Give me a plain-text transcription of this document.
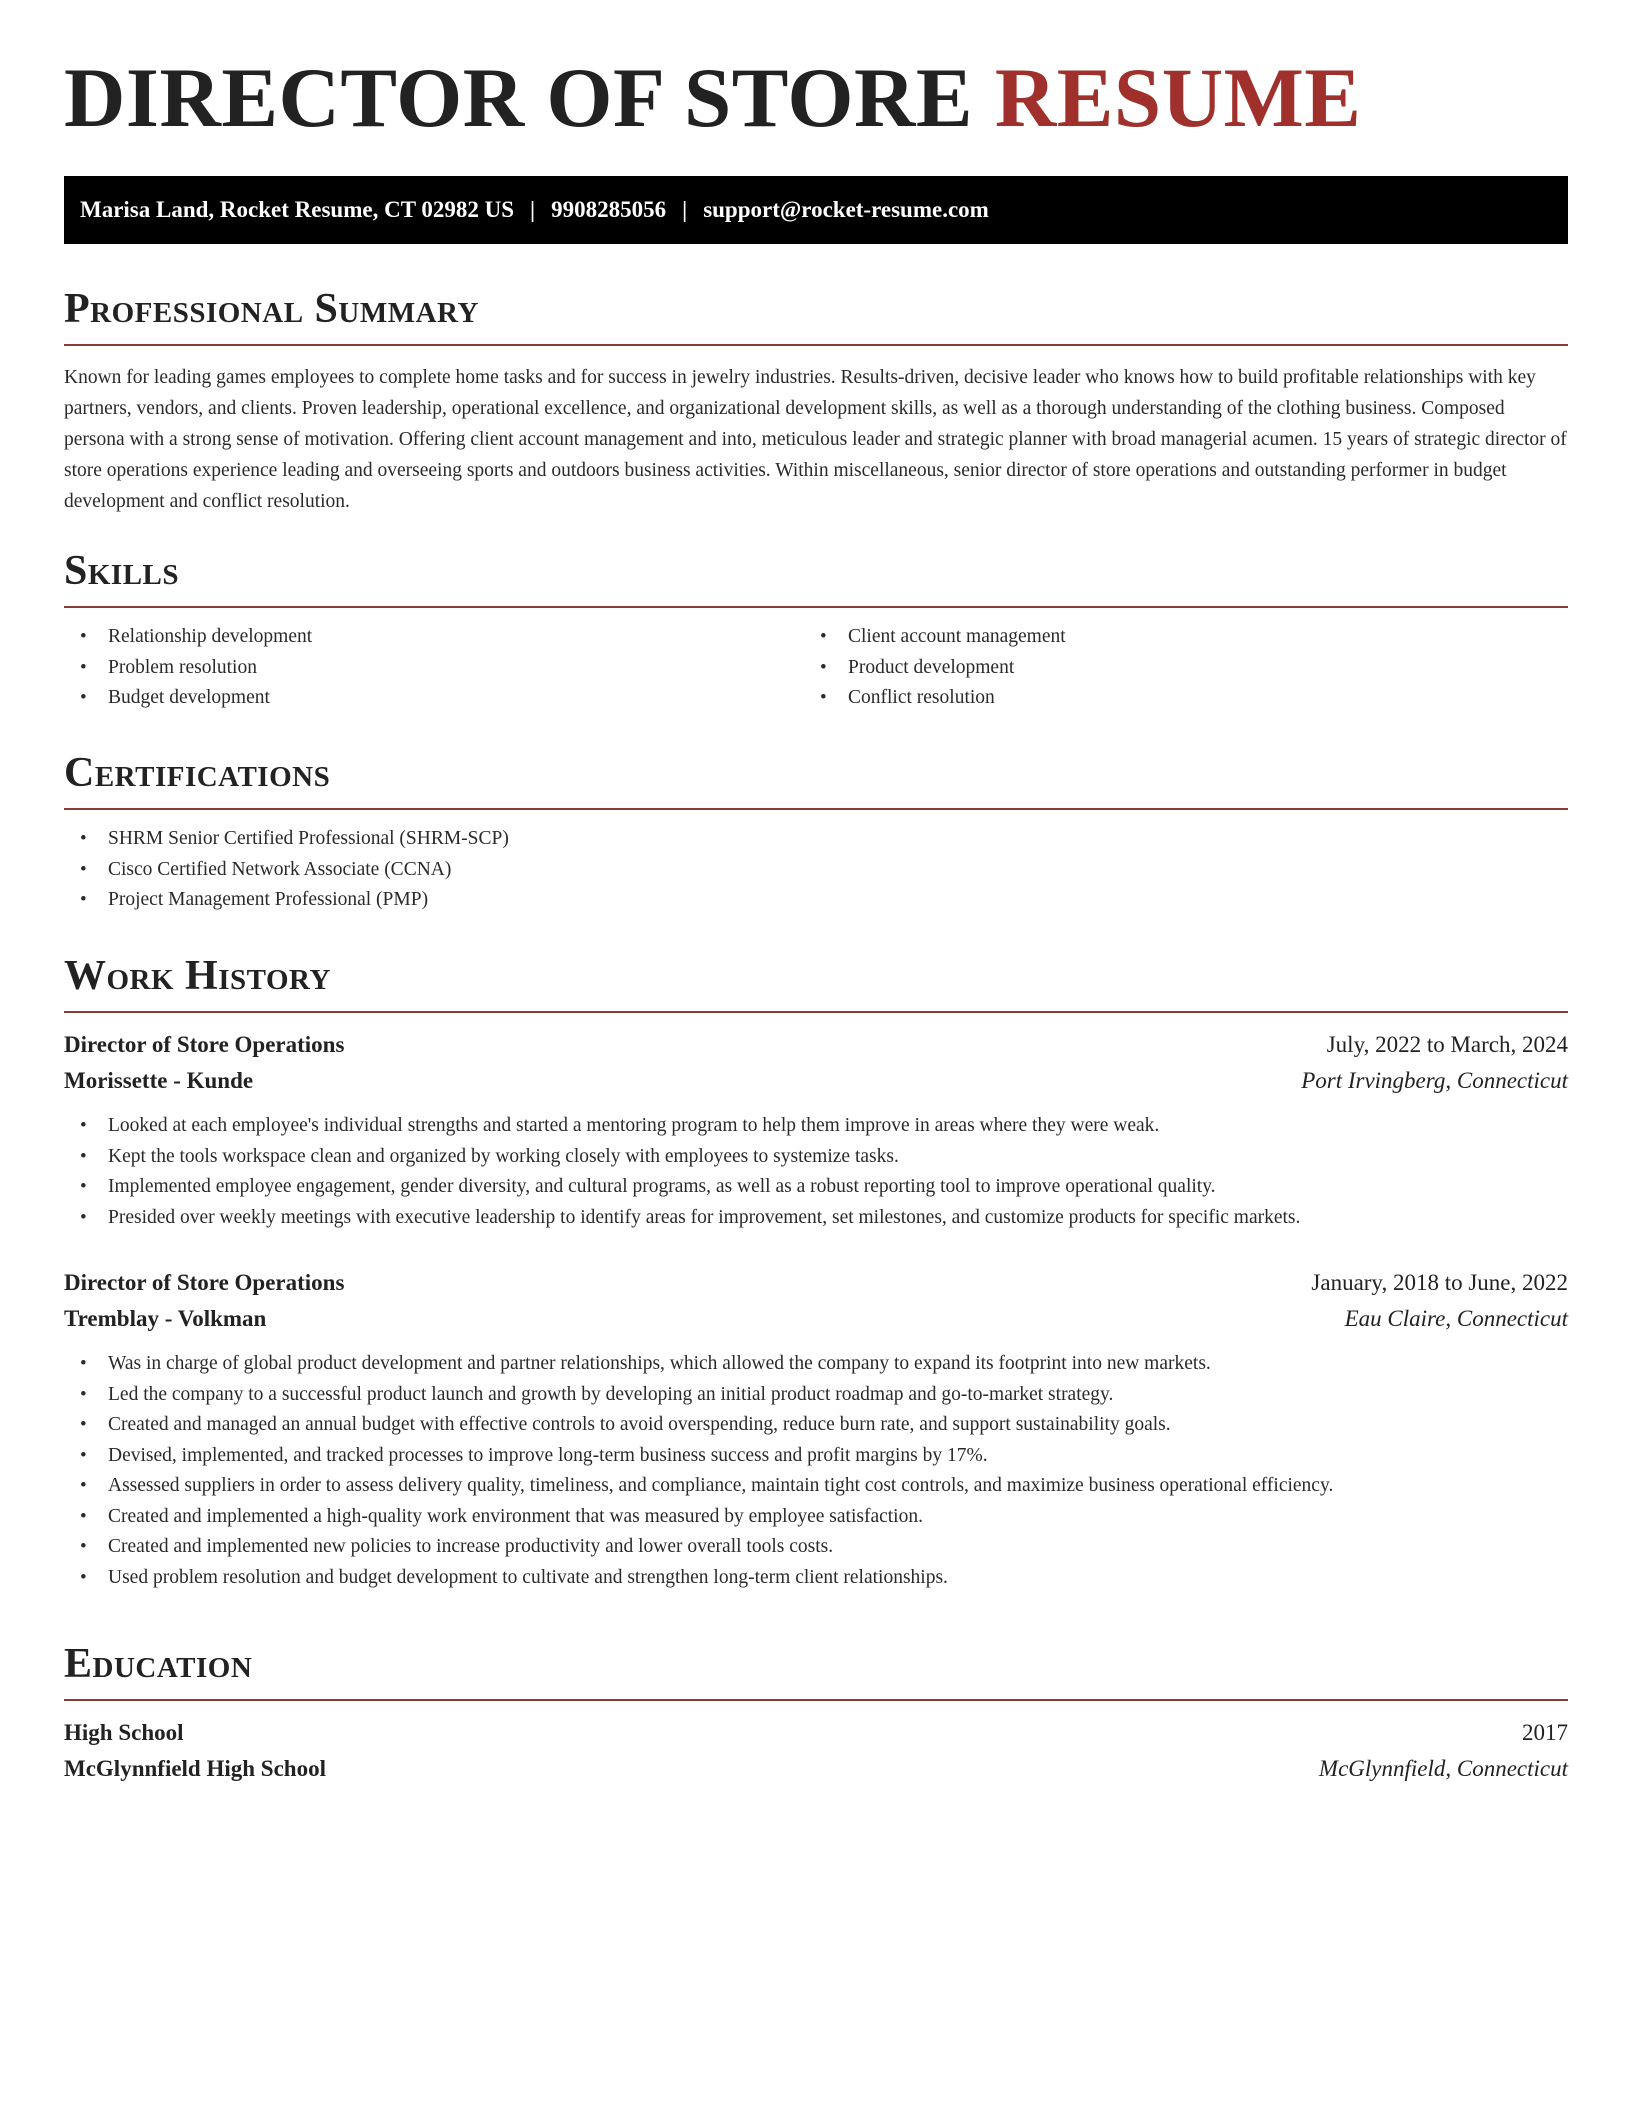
DIRECTOR OF STORE RESUME
Marisa Land, Rocket Resume, CT 02982 US | 9908285056 | support@rocket-resume.com
Professional Summary

Known for leading games employees to complete home tasks and for success in jewelry industries. Results-driven, decisive leader who knows how to build profitable relationships with key partners, vendors, and clients. Proven leadership, operational excellence, and organizational development skills, as well as a thorough understanding of the clothing business. Composed persona with a strong sense of motivation. Offering client account management and into, meticulous leader and strategic planner with broad managerial acumen. 15 years of strategic director of store operations experience leading and overseeing sports and outdoors business activities. Within miscellaneous, senior director of store operations and outstanding performer in budget development and conflict resolution.

Skills
• Relationship development
• Problem resolution
• Budget development
• Client account management
• Product development
• Conflict resolution
Certifications
• SHRM Senior Certified Professional (SHRM-SCP)
• Cisco Certified Network Associate (CCNA)
• Project Management Professional (PMP)
Work History
Director of Store Operations	July, 2022 to March, 2024
Morissette - Kunde	Port Irvingberg, Connecticut
• Looked at each employee's individual strengths and started a mentoring program to help them improve in areas where they were weak.
• Kept the tools workspace clean and organized by working closely with employees to systemize tasks.
• Implemented employee engagement, gender diversity, and cultural programs, as well as a robust reporting tool to improve operational quality.
• Presided over weekly meetings with executive leadership to identify areas for improvement, set milestones, and customize products for specific markets.
Director of Store Operations	January, 2018 to June, 2022
Tremblay - Volkman	Eau Claire, Connecticut
• Was in charge of global product development and partner relationships, which allowed the company to expand its footprint into new markets.
• Led the company to a successful product launch and growth by developing an initial product roadmap and go-to-market strategy.
• Created and managed an annual budget with effective controls to avoid overspending, reduce burn rate, and support sustainability goals.
• Devised, implemented, and tracked processes to improve long-term business success and profit margins by 17%.
• Assessed suppliers in order to assess delivery quality, timeliness, and compliance, maintain tight cost controls, and maximize business operational efficiency.
• Created and implemented a high-quality work environment that was measured by employee satisfaction.
• Created and implemented new policies to increase productivity and lower overall tools costs.
• Used problem resolution and budget development to cultivate and strengthen long-term client relationships.
Education
High School	2017
McGlynnfield High School	McGlynnfield, Connecticut
